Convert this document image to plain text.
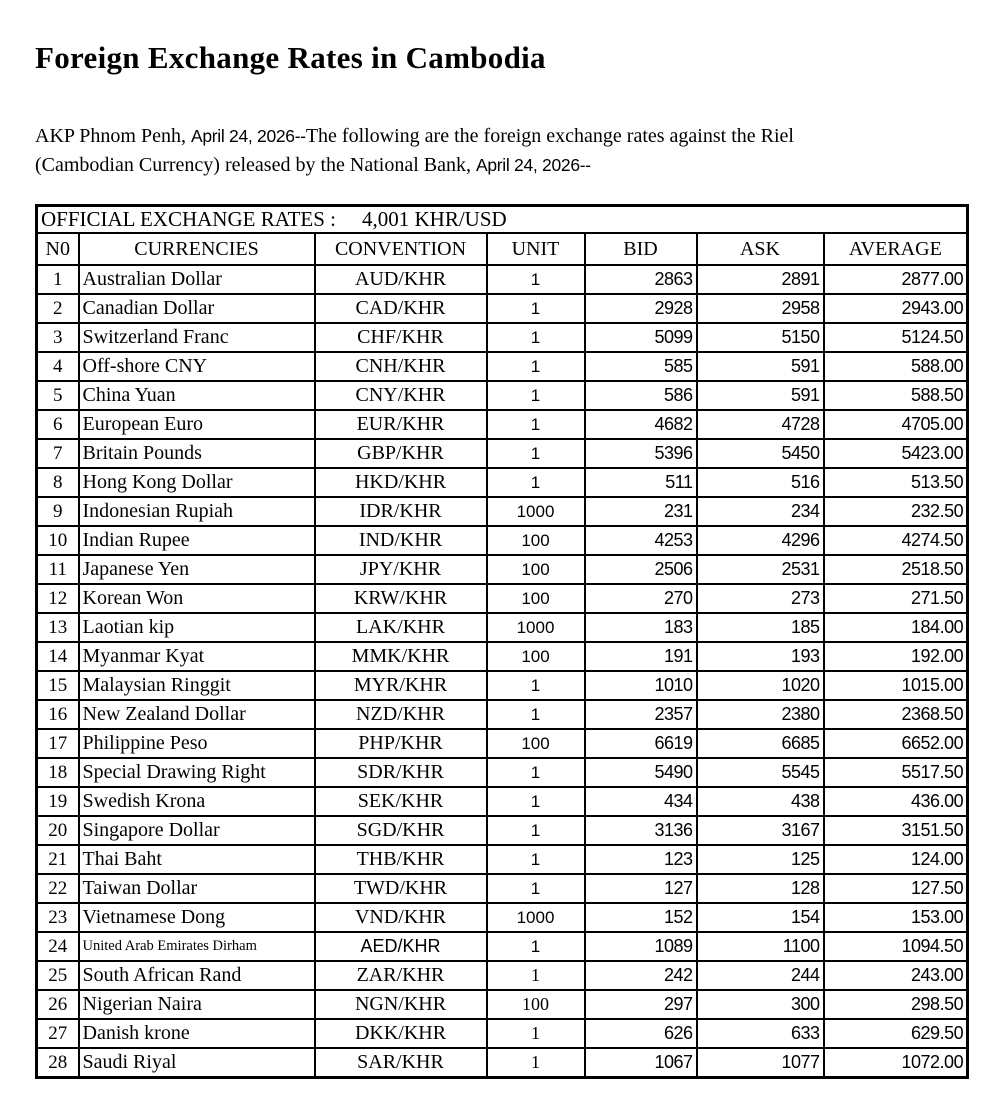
Foreign Exchange Rates in Cambodia

AKP Phnom Penh, April 24, 2026--The following are the foreign exchange rates against the Riel
(Cambodian Currency) released by the National Bank, April 24, 2026--

OFFICIAL EXCHANGE RATES : 4,001 KHR/USD						
N0	CURRENCIES	CONVENTION	UNIT	BID	ASK	AVERAGE
1	Australian Dollar	AUD/KHR	1	2863	2891	2877.00
2	Canadian Dollar	CAD/KHR	1	2928	2958	2943.00
3	Switzerland Franc	CHF/KHR	1	5099	5150	5124.50
4	Off-shore CNY	CNH/KHR	1	585	591	588.00
5	China Yuan	CNY/KHR	1	586	591	588.50
6	European Euro	EUR/KHR	1	4682	4728	4705.00
7	Britain Pounds	GBP/KHR	1	5396	5450	5423.00
8	Hong Kong Dollar	HKD/KHR	1	511	516	513.50
9	Indonesian Rupiah	IDR/KHR	1000	231	234	232.50
10	Indian Rupee	IND/KHR	100	4253	4296	4274.50
11	Japanese Yen	JPY/KHR	100	2506	2531	2518.50
12	Korean Won	KRW/KHR	100	270	273	271.50
13	Laotian kip	LAK/KHR	1000	183	185	184.00
14	Myanmar Kyat	MMK/KHR	100	191	193	192.00
15	Malaysian Ringgit	MYR/KHR	1	1010	1020	1015.00
16	New Zealand Dollar	NZD/KHR	1	2357	2380	2368.50
17	Philippine Peso	PHP/KHR	100	6619	6685	6652.00
18	Special Drawing Right	SDR/KHR	1	5490	5545	5517.50
19	Swedish Krona	SEK/KHR	1	434	438	436.00
20	Singapore Dollar	SGD/KHR	1	3136	3167	3151.50
21	Thai Baht	THB/KHR	1	123	125	124.00
22	Taiwan Dollar	TWD/KHR	1	127	128	127.50
23	Vietnamese Dong	VND/KHR	1000	152	154	153.00
24	United Arab Emirates Dirham	AED/KHR	1	1089	1100	1094.50
25	South African Rand	ZAR/KHR	1	242	244	243.00
26	Nigerian Naira	NGN/KHR	100	297	300	298.50
27	Danish krone	DKK/KHR	1	626	633	629.50
28	Saudi Riyal	SAR/KHR	1	1067	1077	1072.00
